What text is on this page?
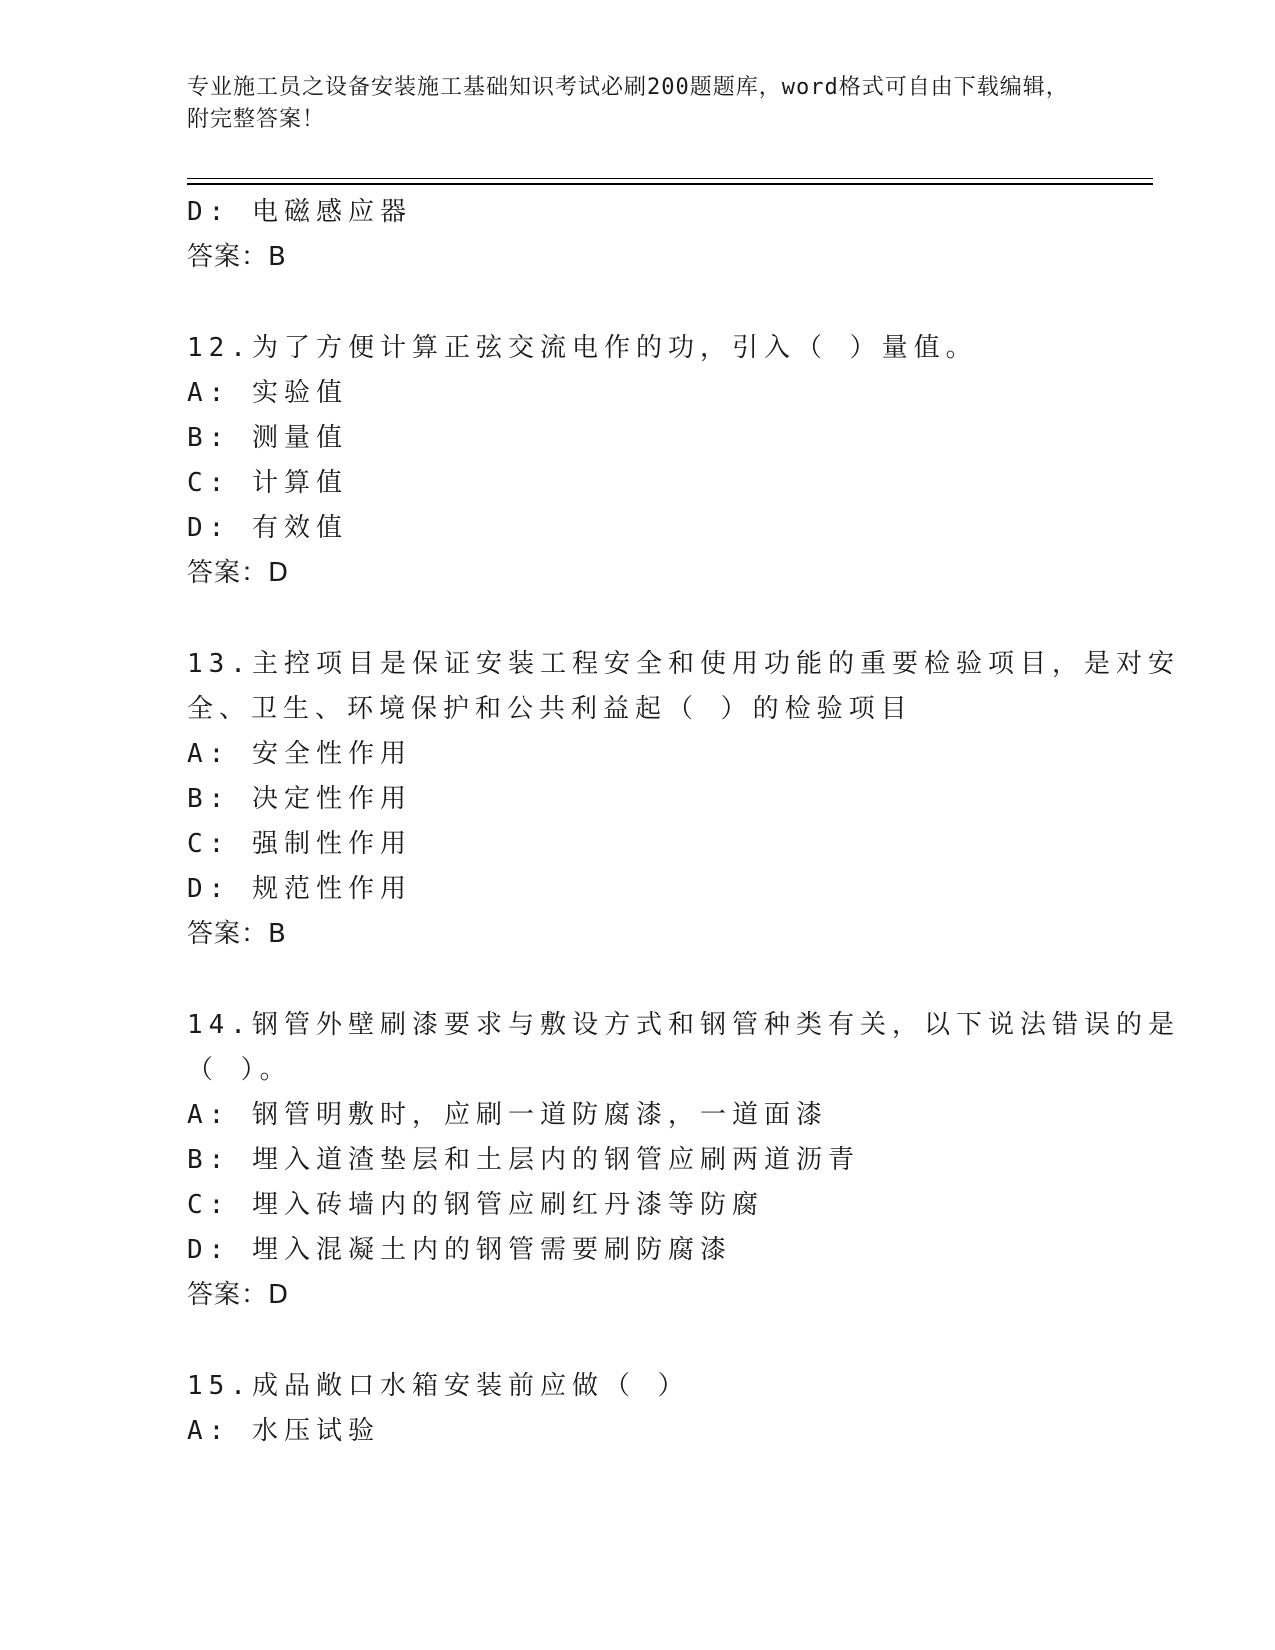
专业施工员之设备安装施工基础知识考试必刷200题题库，word格式可自由下载编辑，附完整答案！
D: 电磁感应器
答案：B
12.为了方便计算正弦交流电作的功，引入（ ）量值。
A: 实验值
B: 测量值
C: 计算值
D: 有效值
答案：D
13.主控项目是保证安装工程安全和使用功能的重要检验项目，是对安
全、卫生、环境保护和公共利益起（ ）的检验项目
A: 安全性作用
B: 决定性作用
C: 强制性作用
D: 规范性作用
答案：B
14.钢管外壁刷漆要求与敷设方式和钢管种类有关，以下说法错误的是
（ ）。
A: 钢管明敷时，应刷一道防腐漆，一道面漆
B: 埋入道渣垫层和土层内的钢管应刷两道沥青
C: 埋入砖墙内的钢管应刷红丹漆等防腐
D: 埋入混凝土内的钢管需要刷防腐漆
答案：D
15.成品敞口水箱安装前应做（ ）
A: 水压试验
